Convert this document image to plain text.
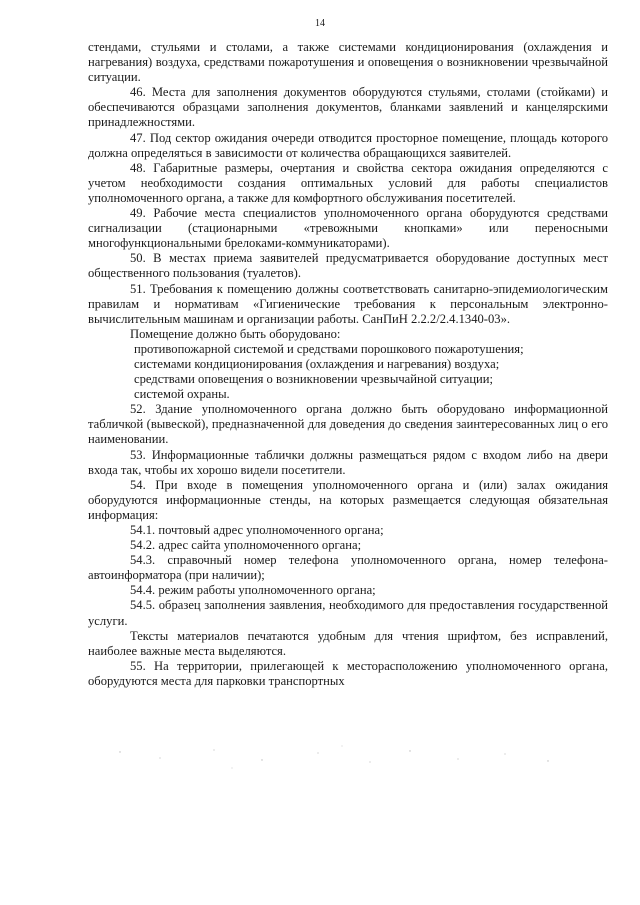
14

стендами, стульями и столами, а также системами кондиционирования (охлаждения и нагревания) воздуха, средствами пожаротушения и оповещения о возникновении чрезвычайной ситуации.

46. Места для заполнения документов оборудуются стульями, столами (стойками) и обеспечиваются образцами заполнения документов, бланками заявлений и канцелярскими принадлежностями.

47. Под сектор ожидания очереди отводится просторное помещение, площадь которого должна определяться в зависимости от количества обращающихся заявителей.

48. Габаритные размеры, очертания и свойства сектора ожидания определяются с учетом необходимости создания оптимальных условий для работы специалистов уполномоченного органа, а также для комфортного обслуживания посетителей.

49. Рабочие места специалистов уполномоченного органа оборудуются средствами сигнализации (стационарными «тревожными кнопками» или переносными многофункциональными брелоками-коммуникаторами).

50. В местах приема заявителей предусматривается оборудование доступных мест общественного пользования (туалетов).

51. Требования к помещению должны соответствовать санитарно-эпидемиологическим правилам и нормативам «Гигиенические требования к персональным электронно-вычислительным машинам и организации работы. СанПиН 2.2.2/2.4.1340-03».

Помещение должно быть оборудовано:

противопожарной системой и средствами порошкового пожаротушения;

системами кондиционирования (охлаждения и нагревания) воздуха;

средствами оповещения о возникновении чрезвычайной ситуации;

системой охраны.

52. Здание уполномоченного органа должно быть оборудовано информационной табличкой (вывеской), предназначенной для доведения до сведения заинтересованных лиц о его наименовании.

53. Информационные таблички должны размещаться рядом с входом либо на двери входа так, чтобы их хорошо видели посетители.

54. При входе в помещения уполномоченного органа и (или) залах ожидания оборудуются информационные стенды, на которых размещается следующая обязательная информация:

54.1. почтовый адрес уполномоченного органа;

54.2. адрес сайта уполномоченного органа;

54.3. справочный номер телефона уполномоченного органа, номер телефона-автоинформатора (при наличии);

54.4. режим работы уполномоченного органа;

54.5. образец заполнения заявления, необходимого для предоставления государственной услуги.

Тексты материалов печатаются удобным для чтения шрифтом, без исправлений, наиболее важные места выделяются.

55. На территории, прилегающей к месторасположению уполномоченного органа, оборудуются места для парковки транспортных
